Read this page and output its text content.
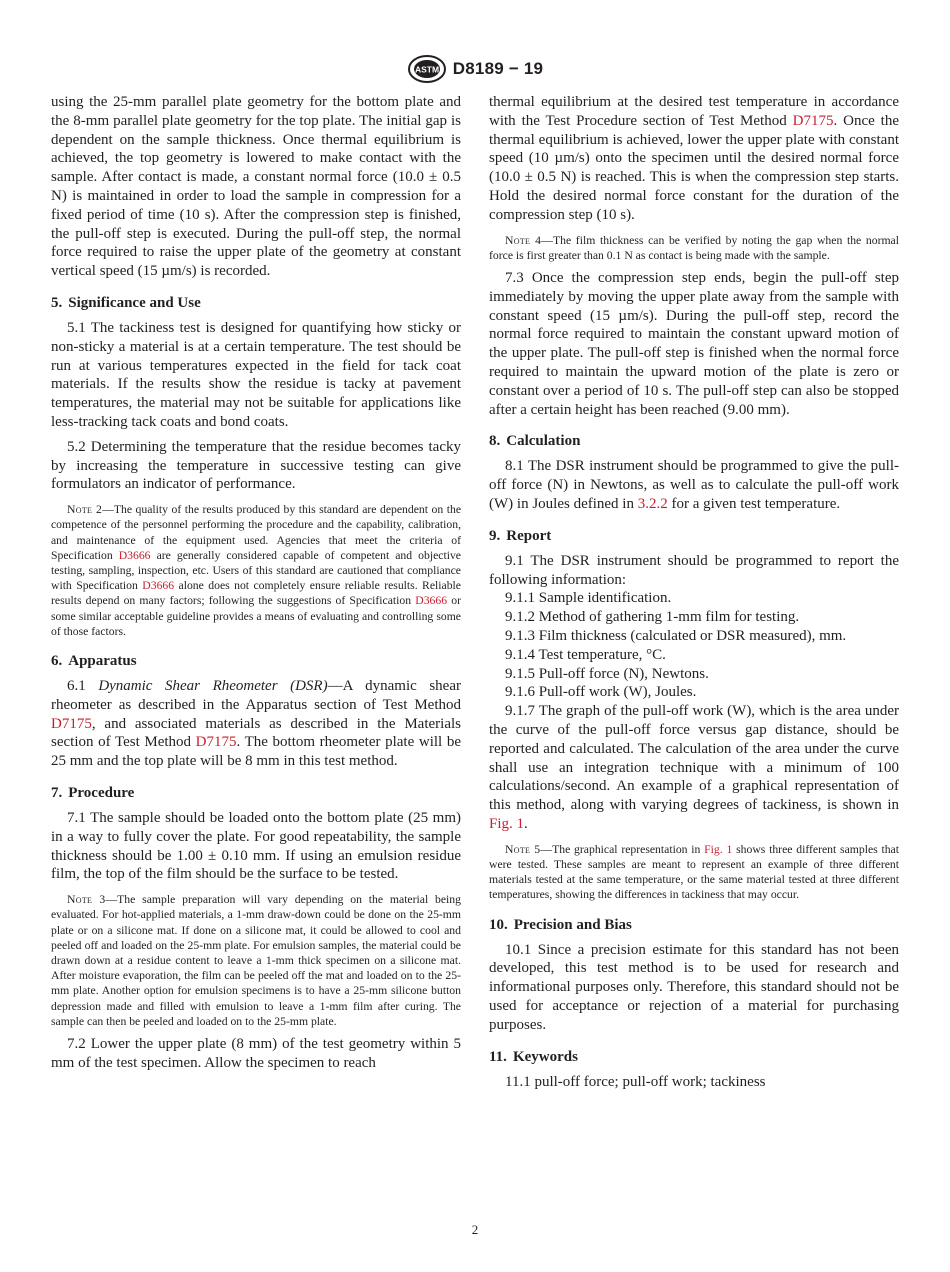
ASTM D8189 − 19

using the 25-mm parallel plate geometry for the bottom plate and the 8-mm parallel plate geometry for the top plate. The initial gap is dependent on the sample thickness. Once thermal equilibrium is achieved, the top geometry is lowered to make contact with the sample. After contact is made, a constant normal force (10.0 ± 0.5 N) is maintained in order to load the sample in compression for a fixed period of time (10 s). After the compression step is finished, the pull-off step is executed. During the pull-off step, the normal force required to raise the upper plate of the geometry at constant vertical speed (15 µm/s) is recorded.

5. Significance and Use

5.1 The tackiness test is designed for quantifying how sticky or non-sticky a material is at a certain temperature. The test should be run at various temperatures expected in the field for tack coat materials. If the results show the residue is tacky at pavement temperatures, the material may not be suitable for applications like less-tracking tack coats and bond coats.

5.2 Determining the temperature that the residue becomes tacky by increasing the temperature in successive testing can give formulators an indicator of performance.

Note 2—The quality of the results produced by this standard are dependent on the competence of the personnel performing the procedure and the capability, calibration, and maintenance of the equipment used. Agencies that meet the criteria of Specification D3666 are generally considered capable of competent and objective testing, sampling, inspection, etc. Users of this standard are cautioned that compliance with Specification D3666 alone does not completely ensure reliable results. Reliable results depend on many factors; following the suggestions of Specification D3666 or some similar acceptable guideline provides a means of evaluating and controlling some of those factors.
6. Apparatus

6.1 Dynamic Shear Rheometer (DSR)—A dynamic shear rheometer as described in the Apparatus section of Test Method D7175, and associated materials as described in the Materials section of Test Method D7175. The bottom rheometer plate will be 25 mm and the top plate will be 8 mm in this test method.

7. Procedure

7.1 The sample should be loaded onto the bottom plate (25 mm) in a way to fully cover the plate. For good repeatability, the sample thickness should be 1.00 ± 0.10 mm. If using an emulsion residue film, the top of the film should be the surface to be tested.

Note 3—The sample preparation will vary depending on the material being evaluated. For hot-applied materials, a 1-mm draw-down could be done on the 25-mm plate or on a silicone mat. If done on a silicone mat, it could be allowed to cool and peeled off and loaded on the 25-mm plate. For emulsion samples, the material could be drawn down at a residue content to leave a 1-mm thick specimen on a silicone mat. After moisture evaporation, the film can be peeled off the mat and loaded on to the 25-mm plate. Another option for emulsion specimens is to have a 25-mm silicone button depression made and filled with emulsion to leave a 1-mm film after curing. The sample can then be peeled and loaded on to the 25-mm plate.

7.2 Lower the upper plate (8 mm) of the test geometry within 5 mm of the test specimen. Allow the specimen to reach

thermal equilibrium at the desired test temperature in accordance with the Test Procedure section of Test Method D7175. Once the thermal equilibrium is achieved, lower the upper plate with constant speed (10 µm/s) onto the specimen until the desired normal force (10.0 ± 0.5 N) is reached. This is when the compression step starts. Hold the desired normal force constant for the duration of the compression step (10 s).

Note 4—The film thickness can be verified by noting the gap when the normal force is first greater than 0.1 N as contact is being made with the sample.

7.3 Once the compression step ends, begin the pull-off step immediately by moving the upper plate away from the sample with constant speed (15 µm/s). During the pull-off step, record the normal force required to maintain the constant upward motion of the upper plate. The pull-off step is finished when the normal force required to maintain the upward motion of the plate is zero or constant over a period of 10 s. The pull-off step can also be stopped after a certain height has been reached (9.00 mm).

8. Calculation

8.1 The DSR instrument should be programmed to give the pull-off force (N) in Newtons, as well as to calculate the pull-off work (W) in Joules defined in 3.2.2 for a given test temperature.

9. Report

9.1 The DSR instrument should be programmed to report the following information:

9.1.1 Sample identification.

9.1.2 Method of gathering 1-mm film for testing.

9.1.3 Film thickness (calculated or DSR measured), mm.

9.1.4 Test temperature, °C.

9.1.5 Pull-off force (N), Newtons.

9.1.6 Pull-off work (W), Joules.

9.1.7 The graph of the pull-off work (W), which is the area under the curve of the pull-off force versus gap distance, should be reported and calculated. The calculation of the area under the curve shall use an integration technique with a minimum of 100 calculations/second. An example of a graphical representation of this method, along with varying degrees of tackiness, is shown in Fig. 1.

Note 5—The graphical representation in Fig. 1 shows three different samples that were tested. These samples are meant to represent an example of three different materials tested at the same temperature, or the same material tested at three different temperatures, showing the differences in tackiness that may occur.
10. Precision and Bias

10.1 Since a precision estimate for this standard has not been developed, this test method is to be used for research and informational purposes only. Therefore, this standard should not be used for acceptance or rejection of a material for purchasing purposes.

11. Keywords

11.1 pull-off force; pull-off work; tackiness

2
